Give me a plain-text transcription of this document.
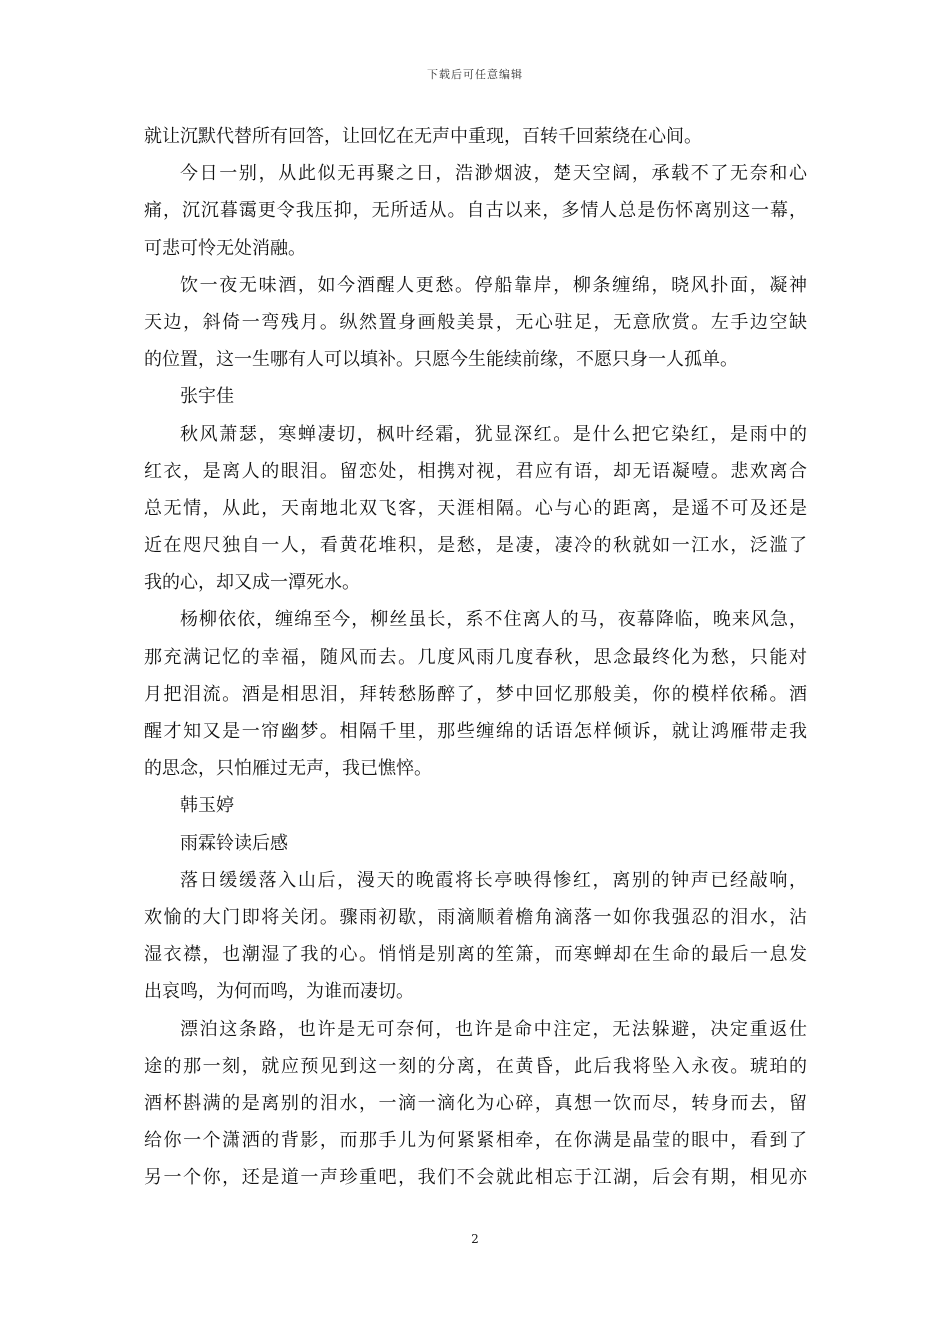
下载后可任意编辑
就让沉默代替所有回答，让回忆在无声中重现，百转千回萦绕在心间。
今日一别，从此似无再聚之日，浩渺烟波，楚天空阔，承载不了无奈和心
痛，沉沉暮霭更令我压抑，无所适从。自古以来，多情人总是伤怀离别这一幕，
可悲可怜无处消融。
饮一夜无味酒，如今酒醒人更愁。停船靠岸，柳条缠绵，晓风扑面，凝神
天边，斜倚一弯残月。纵然置身画般美景，无心驻足，无意欣赏。左手边空缺
的位置，这一生哪有人可以填补。只愿今生能续前缘，不愿只身一人孤单。
张宇佳
秋风萧瑟，寒蝉凄切，枫叶经霜，犹显深红。是什么把它染红，是雨中的
红衣，是离人的眼泪。留恋处，相携对视，君应有语，却无语凝噎。悲欢离合
总无情，从此，天南地北双飞客，天涯相隔。心与心的距离，是遥不可及还是
近在咫尺独自一人，看黄花堆积，是愁，是凄，凄冷的秋就如一江水，泛滥了
我的心，却又成一潭死水。
杨柳依依，缠绵至今，柳丝虽长，系不住离人的马，夜幕降临，晚来风急，
那充满记忆的幸福，随风而去。几度风雨几度春秋，思念最终化为愁，只能对
月把泪流。酒是相思泪，拜转愁肠醉了，梦中回忆那般美，你的模样依稀。酒
醒才知又是一帘幽梦。相隔千里，那些缠绵的话语怎样倾诉，就让鸿雁带走我
的思念，只怕雁过无声，我已憔悴。
韩玉婷
雨霖铃读后感
落日缓缓落入山后，漫天的晚霞将长亭映得惨红，离别的钟声已经敲响，
欢愉的大门即将关闭。骤雨初歇，雨滴顺着檐角滴落一如你我强忍的泪水，沾
湿衣襟，也潮湿了我的心。悄悄是别离的笙箫，而寒蝉却在生命的最后一息发
出哀鸣，为何而鸣，为谁而凄切。
漂泊这条路，也许是无可奈何，也许是命中注定，无法躲避，决定重返仕
途的那一刻，就应预见到这一刻的分离，在黄昏，此后我将坠入永夜。琥珀的
酒杯斟满的是离别的泪水，一滴一滴化为心碎，真想一饮而尽，转身而去，留
给你一个潇洒的背影，而那手儿为何紧紧相牵，在你满是晶莹的眼中，看到了
另一个你，还是道一声珍重吧，我们不会就此相忘于江湖，后会有期，相见亦
2
